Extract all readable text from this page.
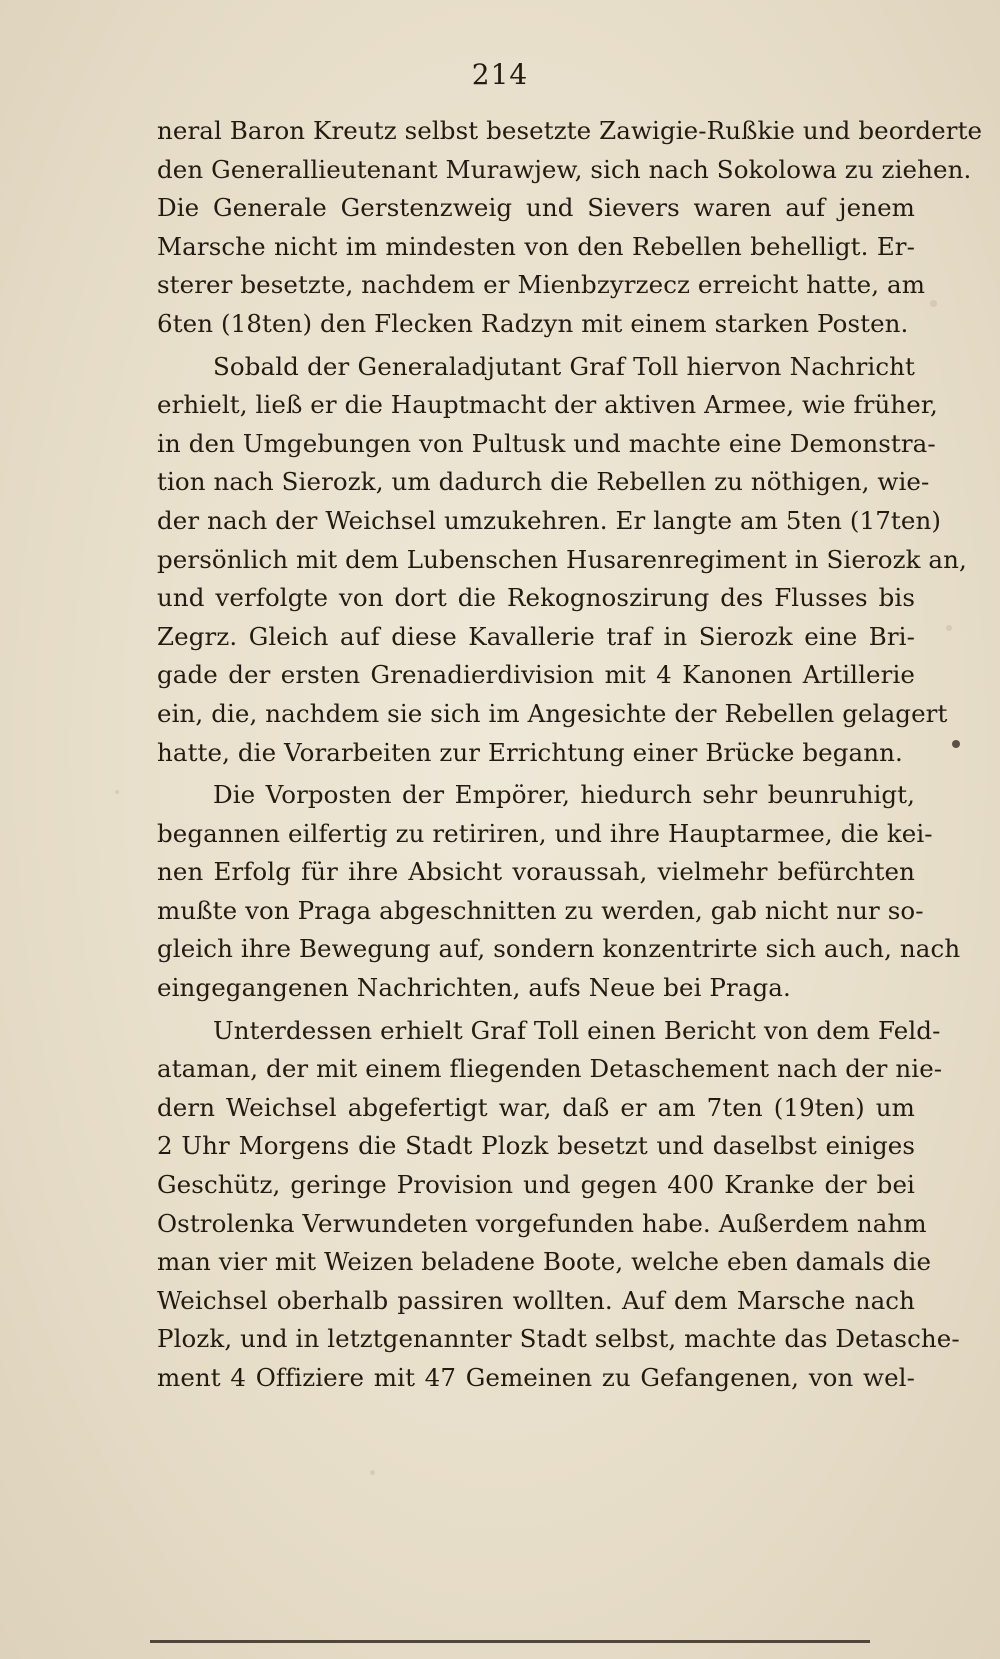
214
neral Baron Kreutz selbst besetzte Zawigie-Rußkie und beorderte
den Generallieutenant Murawjew, sich nach Sokolowa zu ziehen.
Die Generale Gerstenzweig und Sievers waren auf jenem
Marsche nicht im mindesten von den Rebellen behelligt. Er-
sterer besetzte, nachdem er Mienbzyrzecz erreicht hatte, am
6ten (18ten) den Flecken Radzyn mit einem starken Posten.
Sobald der Generaladjutant Graf Toll hiervon Nachricht
erhielt, ließ er die Hauptmacht der aktiven Armee, wie früher,
in den Umgebungen von Pultusk und machte eine Demonstra-
tion nach Sierozk, um dadurch die Rebellen zu nöthigen, wie-
der nach der Weichsel umzukehren. Er langte am 5ten (17ten)
persönlich mit dem Lubenschen Husarenregiment in Sierozk an,
und verfolgte von dort die Rekognoszirung des Flusses bis
Zegrz. Gleich auf diese Kavallerie traf in Sierozk eine Bri-
gade der ersten Grenadierdivision mit 4 Kanonen Artillerie
ein, die, nachdem sie sich im Angesichte der Rebellen gelagert
hatte, die Vorarbeiten zur Errichtung einer Brücke begann.
Die Vorposten der Empörer, hiedurch sehr beunruhigt,
begannen eilfertig zu retiriren, und ihre Hauptarmee, die kei-
nen Erfolg für ihre Absicht voraussah, vielmehr befürchten
mußte von Praga abgeschnitten zu werden, gab nicht nur so-
gleich ihre Bewegung auf, sondern konzentrirte sich auch, nach
eingegangenen Nachrichten, aufs Neue bei Praga.
Unterdessen erhielt Graf Toll einen Bericht von dem Feld-
ataman, der mit einem fliegenden Detaschement nach der nie-
dern Weichsel abgefertigt war, daß er am 7ten (19ten) um
2 Uhr Morgens die Stadt Plozk besetzt und daselbst einiges
Geschütz, geringe Provision und gegen 400 Kranke der bei
Ostrolenka Verwundeten vorgefunden habe. Außerdem nahm
man vier mit Weizen beladene Boote, welche eben damals die
Weichsel oberhalb passiren wollten. Auf dem Marsche nach
Plozk, und in letztgenannter Stadt selbst, machte das Detasche-
ment 4 Offiziere mit 47 Gemeinen zu Gefangenen, von wel-
